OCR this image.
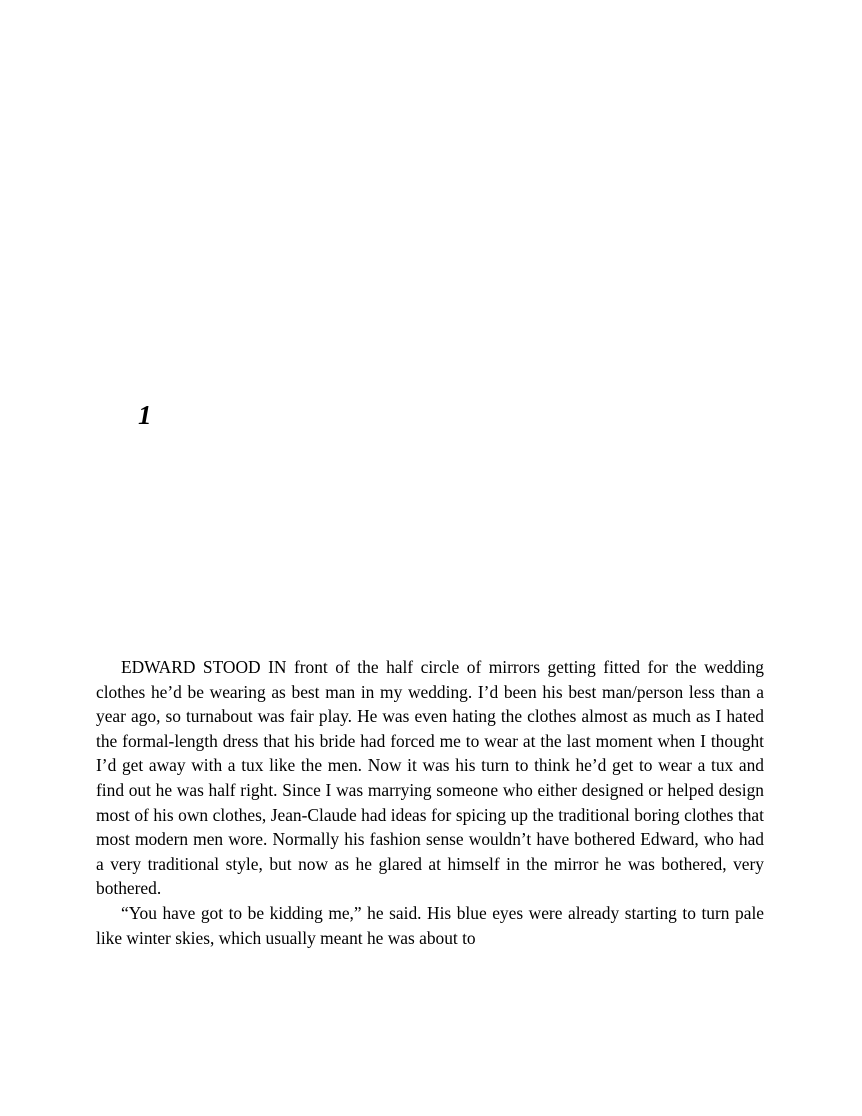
1

EDWARD STOOD IN front of the half circle of mirrors getting fitted for the wedding clothes he’d be wearing as best man in my wedding. I’d been his best man/person less than a year ago, so turnabout was fair play. He was even hating the clothes almost as much as I hated the formal-length dress that his bride had forced me to wear at the last moment when I thought I’d get away with a tux like the men. Now it was his turn to think he’d get to wear a tux and find out he was half right. Since I was marrying someone who either designed or helped design most of his own clothes, Jean-Claude had ideas for spicing up the traditional boring clothes that most modern men wore. Normally his fashion sense wouldn’t have bothered Edward, who had a very traditional style, but now as he glared at himself in the mirror he was bothered, very bothered.

“You have got to be kidding me,” he said. His blue eyes were already starting to turn pale like winter skies, which usually meant he was about to
